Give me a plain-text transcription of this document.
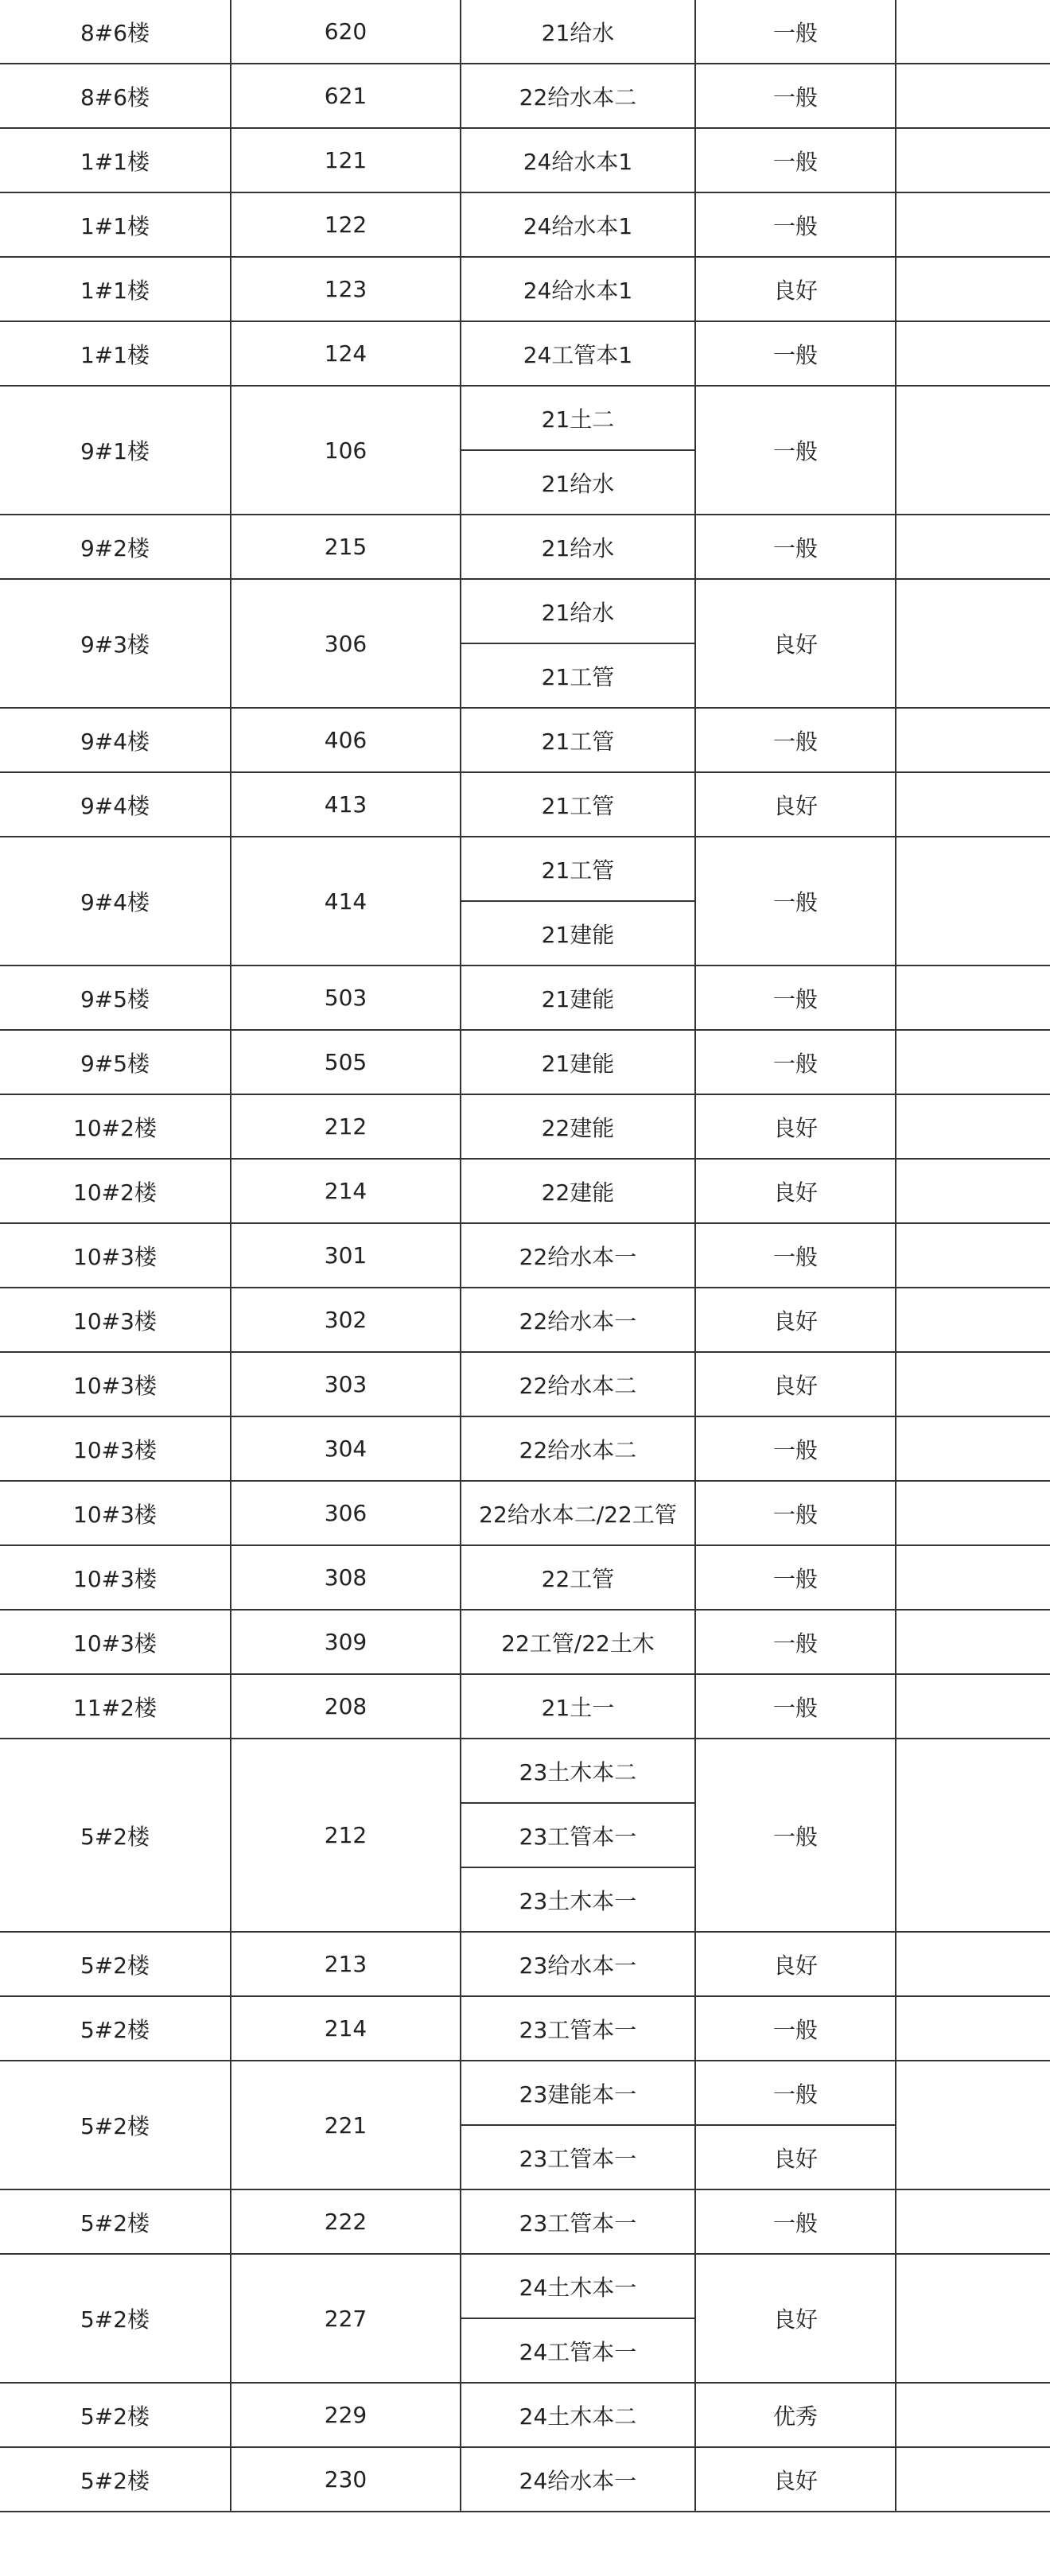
8#6楼	620	21给水	一般	
8#6楼	621	22给水本二	一般	
1#1楼	121	24给水本1	一般	
1#1楼	122	24给水本1	一般	
1#1楼	123	24给水本1	良好	
1#1楼	124	24工管本1	一般	
9#1楼	106	21土二	一般	
		21给水		
9#2楼	215	21给水	一般	
9#3楼	306	21给水	良好	
		21工管		
9#4楼	406	21工管	一般	
9#4楼	413	21工管	良好	
9#4楼	414	21工管	一般	
		21建能		
9#5楼	503	21建能	一般	
9#5楼	505	21建能	一般	
10#2楼	212	22建能	良好	
10#2楼	214	22建能	良好	
10#3楼	301	22给水本一	一般	
10#3楼	302	22给水本一	良好	
10#3楼	303	22给水本二	良好	
10#3楼	304	22给水本二	一般	
10#3楼	306	22给水本二/22工管	一般	
10#3楼	308	22工管	一般	
10#3楼	309	22工管/22土木	一般	
11#2楼	208	21土一	一般	
5#2楼	212	23土木本二	一般	
		23工管本一		
		23土木本一		
5#2楼	213	23给水本一	良好	
5#2楼	214	23工管本一	一般	
5#2楼	221	23建能本一	一般	
		23工管本一	良好	
5#2楼	222	23工管本一	一般	
5#2楼	227	24土木本一	良好	
		24工管本一		
5#2楼	229	24土木本二	优秀	
5#2楼	230	24给水本一	良好	
